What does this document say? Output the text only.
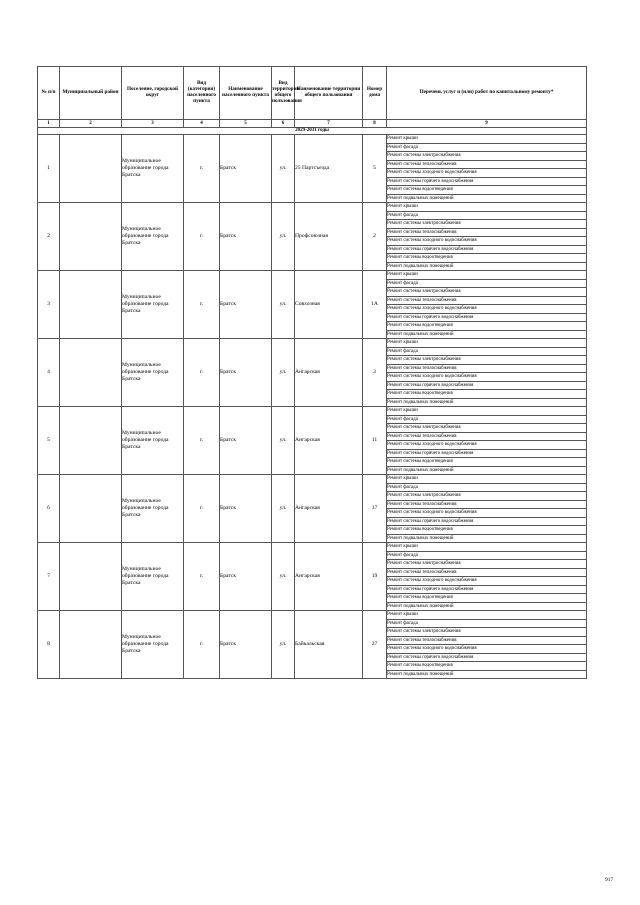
№ п/п	Муниципальный район	Поселение, городской округ	Вид (категория) населенного пункта	Наименование населенного пункта	Вид территории общего пользования	Наименование территории общего пользования	Номер дома	Перечень услуг и (или) работ по капитальному ремонту*
1	2	3	4	5	6	7	8	9
2029-2031 годы								
1		Муниципальное образование города Братска	г.	Братск	ул.	25 Партсъезда	5	Ремонт крыши
								Ремонт фасада
								Ремонт системы электроснабжения
								Ремонт системы теплоснабжения
								Ремонт системы холодного водоснабжения
								Ремонт системы горячего водоснабжения
								Ремонт системы водоотведения
								Ремонт подвальных помещений
2		Муниципальное образование города Братска	г.	Братск	ул.	Профсоюзная	2	Ремонт крыши
								Ремонт фасада
								Ремонт системы электроснабжения
								Ремонт системы теплоснабжения
								Ремонт системы холодного водоснабжения
								Ремонт системы горячего водоснабжения
								Ремонт системы водоотведения
								Ремонт подвальных помещений
3		Муниципальное образование города Братска	г.	Братск	ул.	Совхозная	1А	Ремонт крыши
								Ремонт фасада
								Ремонт системы электроснабжения
								Ремонт системы теплоснабжения
								Ремонт системы холодного водоснабжения
								Ремонт системы горячего водоснабжения
								Ремонт системы водоотведения
								Ремонт подвальных помещений
4		Муниципальное образование города Братска	г.	Братск	ул.	Ангарская	3	Ремонт крыши
								Ремонт фасада
								Ремонт системы электроснабжения
								Ремонт системы теплоснабжения
								Ремонт системы холодного водоснабжения
								Ремонт системы горячего водоснабжения
								Ремонт системы водоотведения
								Ремонт подвальных помещений
5		Муниципальное образование города Братска	г.	Братск	ул.	Ангарская	11	Ремонт крыши
								Ремонт фасада
								Ремонт системы электроснабжения
								Ремонт системы теплоснабжения
								Ремонт системы холодного водоснабжения
								Ремонт системы горячего водоснабжения
								Ремонт системы водоотведения
								Ремонт подвальных помещений
6		Муниципальное образование города Братска	г.	Братск	ул.	Ангарская	17	Ремонт крыши
								Ремонт фасада
								Ремонт системы электроснабжения
								Ремонт системы теплоснабжения
								Ремонт системы холодного водоснабжения
								Ремонт системы горячего водоснабжения
								Ремонт системы водоотведения
								Ремонт подвальных помещений
7		Муниципальное образование города Братска	г.	Братск	ул.	Ангарская	19	Ремонт крыши
								Ремонт фасада
								Ремонт системы электроснабжения
								Ремонт системы теплоснабжения
								Ремонт системы холодного водоснабжения
								Ремонт системы горячего водоснабжения
								Ремонт системы водоотведения
								Ремонт подвальных помещений
8		Муниципальное образование города Братска	г.	Братск	ул.	Байкальская	27	Ремонт крыши
								Ремонт фасада
								Ремонт системы электроснабжения
								Ремонт системы теплоснабжения
								Ремонт системы холодного водоснабжения
								Ремонт системы горячего водоснабжения
								Ремонт системы водоотведения
								Ремонт подвальных помещений
917
